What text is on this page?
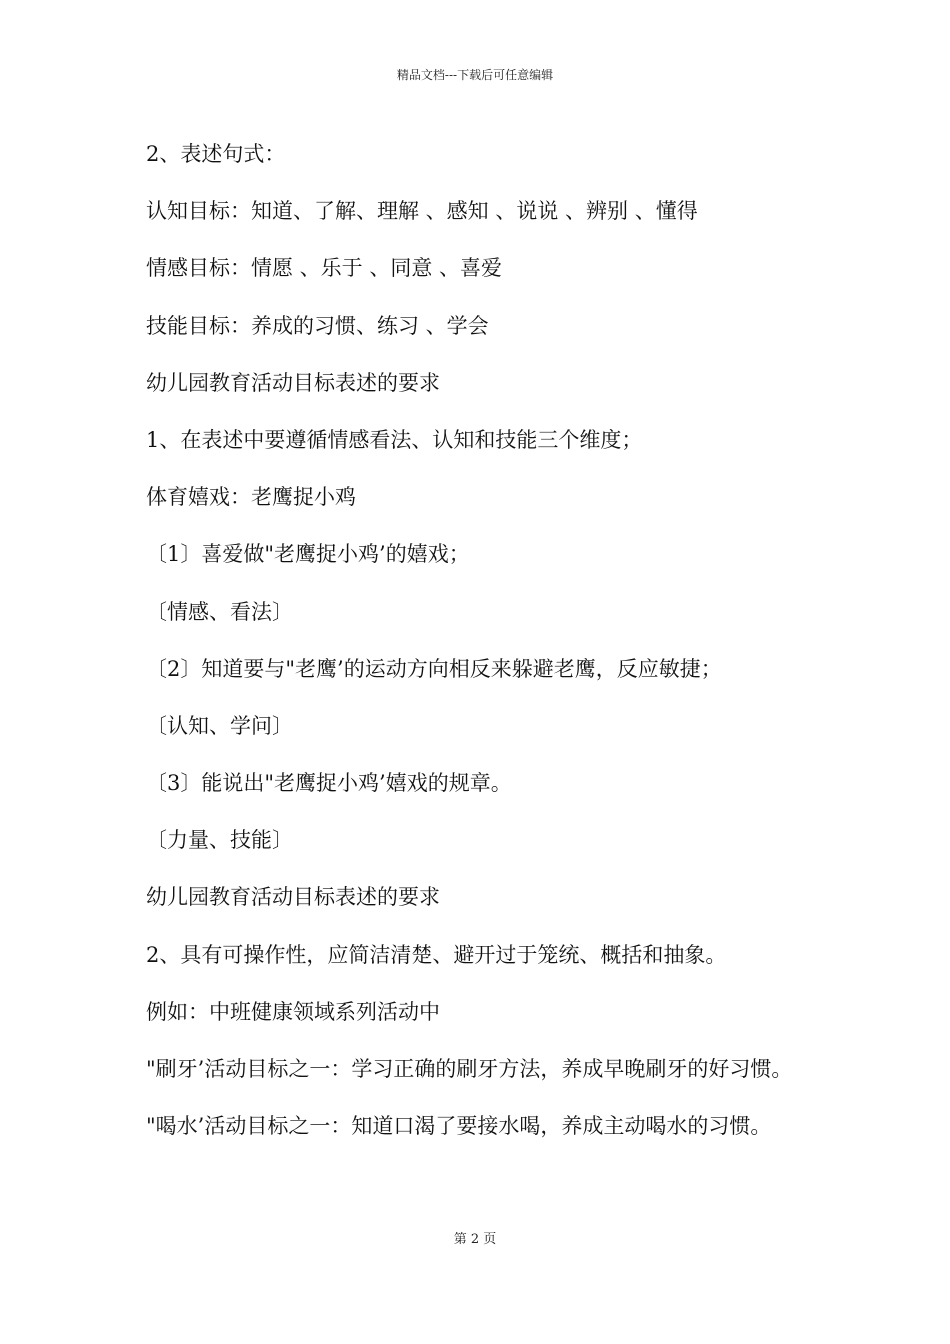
精品文档---下载后可任意编辑
2、表述句式：
认知目标：知道、了解、理解 、感知 、说说 、辨别 、懂得
情感目标：情愿 、乐于 、同意 、喜爱
技能目标：养成的习惯、练习 、学会
幼儿园教育活动目标表述的要求
1、在表述中要遵循情感看法、认知和技能三个维度；
体育嬉戏：老鹰捉小鸡
〔1〕喜爱做"老鹰捉小鸡’的嬉戏；
〔情感、看法〕
〔2〕知道要与"老鹰’的运动方向相反来躲避老鹰，反应敏捷；
〔认知、学问〕
〔3〕能说出"老鹰捉小鸡’嬉戏的规章。
〔力量、技能〕
幼儿园教育活动目标表述的要求
2、具有可操作性，应简洁清楚、避开过于笼统、概括和抽象。
例如：中班健康领域系列活动中
"刷牙’活动目标之一：学习正确的刷牙方法，养成早晚刷牙的好习惯。
"喝水’活动目标之一：知道口渴了要接水喝，养成主动喝水的习惯。
第 2 页
